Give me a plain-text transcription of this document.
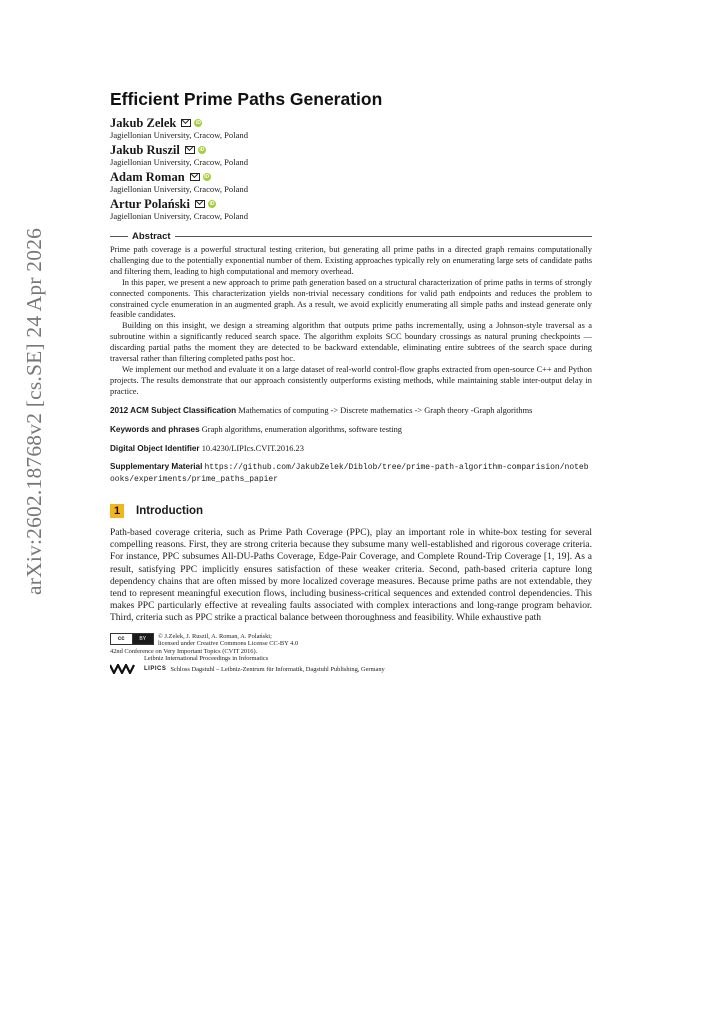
arXiv:2602.18768v2 [cs.SE] 24 Apr 2026
Efficient Prime Paths Generation
Jakub Zelek	iD
Jagiellonian University, Cracow, Poland
Jakub Ruszil	iD
Jagiellonian University, Cracow, Poland
Adam Roman	iD
Jagiellonian University, Cracow, Poland
Artur Polański	iD
Jagiellonian University, Cracow, Poland
Abstract

Prime path coverage is a powerful structural testing criterion, but generating all prime paths in a directed graph remains computationally challenging due to the potentially exponential number of them. Existing approaches typically rely on enumerating large sets of candidate paths and filtering them, leading to high computational and memory overhead.

In this paper, we present a new approach to prime path generation based on a structural characterization of prime paths in terms of strongly connected components. This characterization yields non-trivial necessary conditions for valid path endpoints and reduces the problem to constrained cycle enumeration in an augmented graph. As a result, we avoid explicitly enumerating all simple paths and instead generate only feasible candidates.

Building on this insight, we design a streaming algorithm that outputs prime paths incrementally, using a Johnson-style traversal as a subroutine within a significantly reduced search space. The algorithm exploits SCC boundary crossings as natural pruning checkpoints — discarding partial paths the moment they are detected to be backward extendable, eliminating entire subtrees of the search space during traversal rather than filtering completed paths post hoc.

We implement our method and evaluate it on a large dataset of real-world control-flow graphs extracted from open-source C++ and Python projects. The results demonstrate that our approach consistently outperforms existing methods, while maintaining stable inter-output delay in practice.

2012 ACM Subject Classification Mathematics of computing -> Discrete mathematics -> Graph theory -Graph algorithms
Keywords and phrases Graph algorithms, enumeration algorithms, software testing
Digital Object Identifier 10.4230/LIPIcs.CVIT.2016.23
Supplementary Material https://github.com/JakubZelek/Diblob/tree/prime-path-algorithm-comparision/notebooks/experiments/prime_paths_papier
1	Introduction

Path-based coverage criteria, such as Prime Path Coverage (PPC), play an important role in white-box testing for several compelling reasons. First, they are strong criteria because they subsume many well-established and rigorous coverage criteria. For instance, PPC subsumes All-DU-Paths Coverage, Edge-Pair Coverage, and Complete Round-Trip Coverage [1, 19]. As a result, satisfying PPC implicitly ensures satisfaction of these weaker criteria. Second, path-based criteria capture long dependency chains that are often missed by more localized coverage measures. Because prime paths are not extendable, they tend to represent meaningful execution flows, including business-critical sequences and extended control dependencies. This makes PPC particularly effective at revealing faults associated with complex interactions and long-range program behavior. Third, criteria such as PPC strike a practical balance between thoroughness and feasibility. While exhaustive path

cc	BY	© J.Zelek, J. Ruszil, A. Roman, A. Polański;
licensed under Creative Commons License CC-BY 4.0
42nd Conference on Very Important Topics (CVIT 2016).
Leibniz International Proceedings in Informatics
LIPICS Schloss Dagstuhl – Leibniz-Zentrum für Informatik, Dagstuhl Publishing, Germany
